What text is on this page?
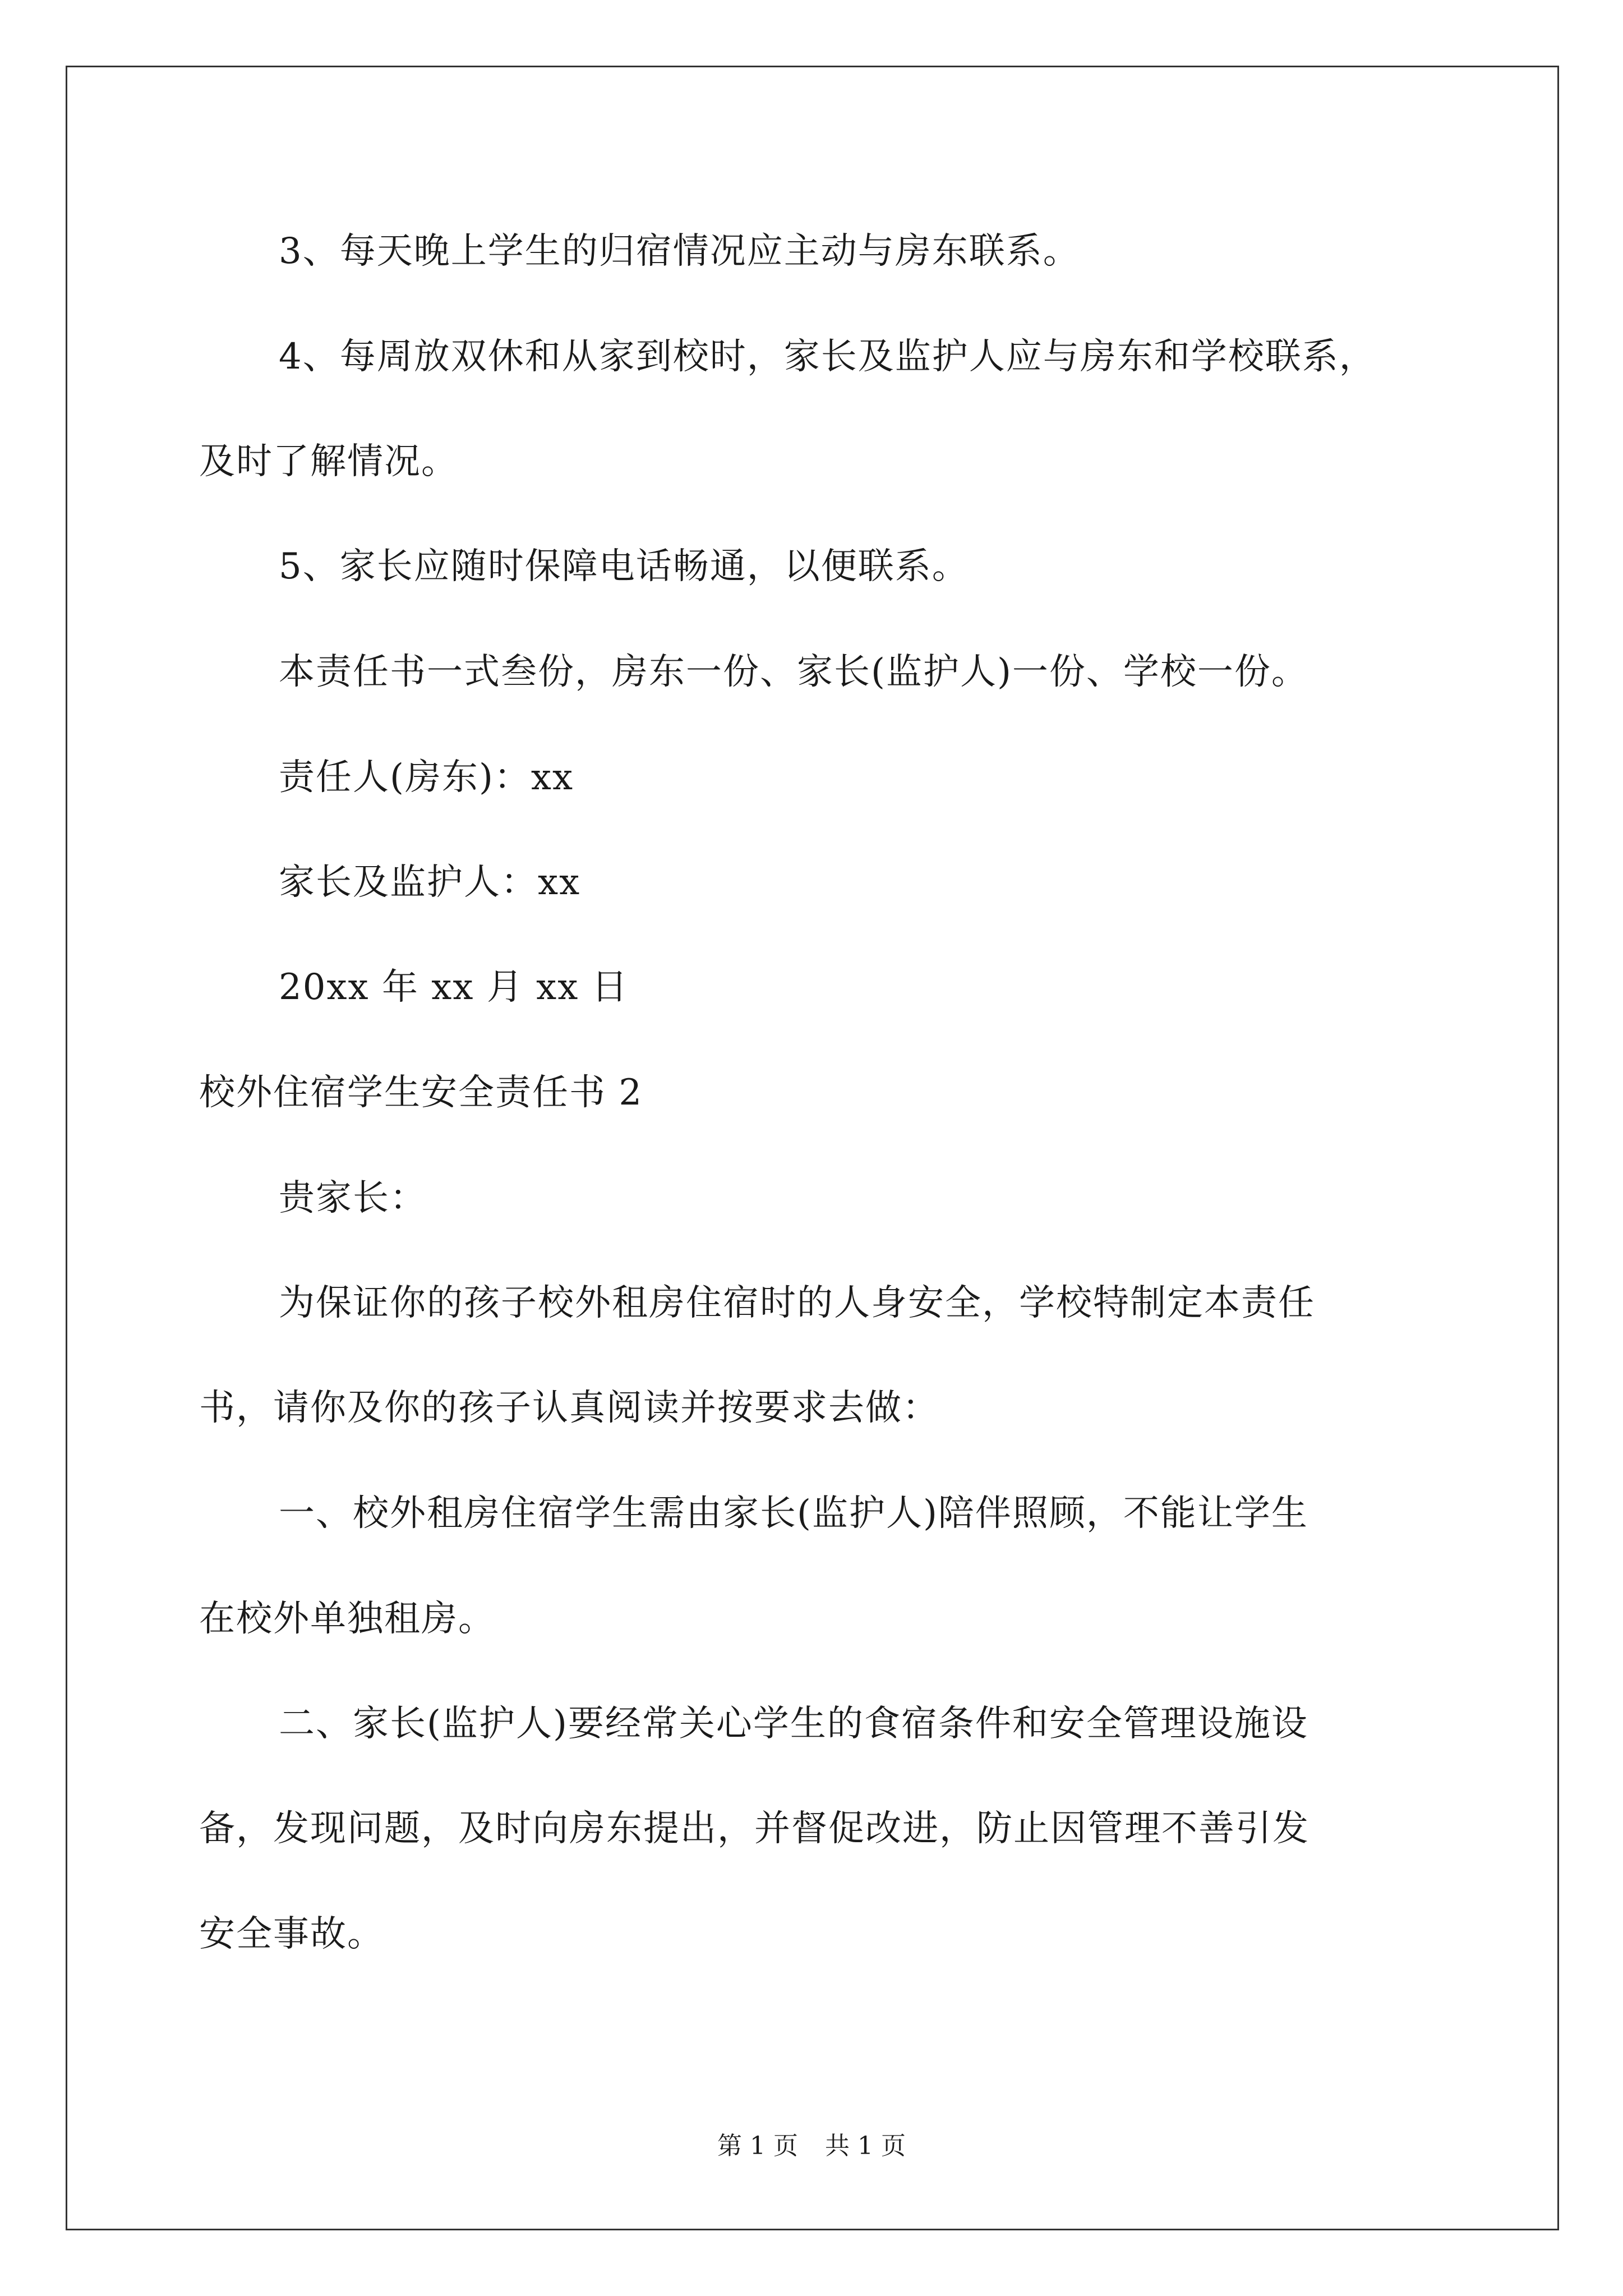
3、每天晚上学生的归宿情况应主动与房东联系。

4、每周放双休和从家到校时，家长及监护人应与房东和学校联系，

及时了解情况。

5、家长应随时保障电话畅通，以便联系。

本责任书一式叁份，房东一份、家长(监护人)一份、学校一份。

责任人(房东)：xx

家长及监护人：xx

20xx 年 xx 月 xx 日

校外住宿学生安全责任书 2

贵家长：

为保证你的孩子校外租房住宿时的人身安全，学校特制定本责任

书，请你及你的孩子认真阅读并按要求去做：

一、校外租房住宿学生需由家长(监护人)陪伴照顾，不能让学生

在校外单独租房。

二、家长(监护人)要经常关心学生的食宿条件和安全管理设施设

备，发现问题，及时向房东提出，并督促改进，防止因管理不善引发

安全事故。

第 1 页 共 1 页
